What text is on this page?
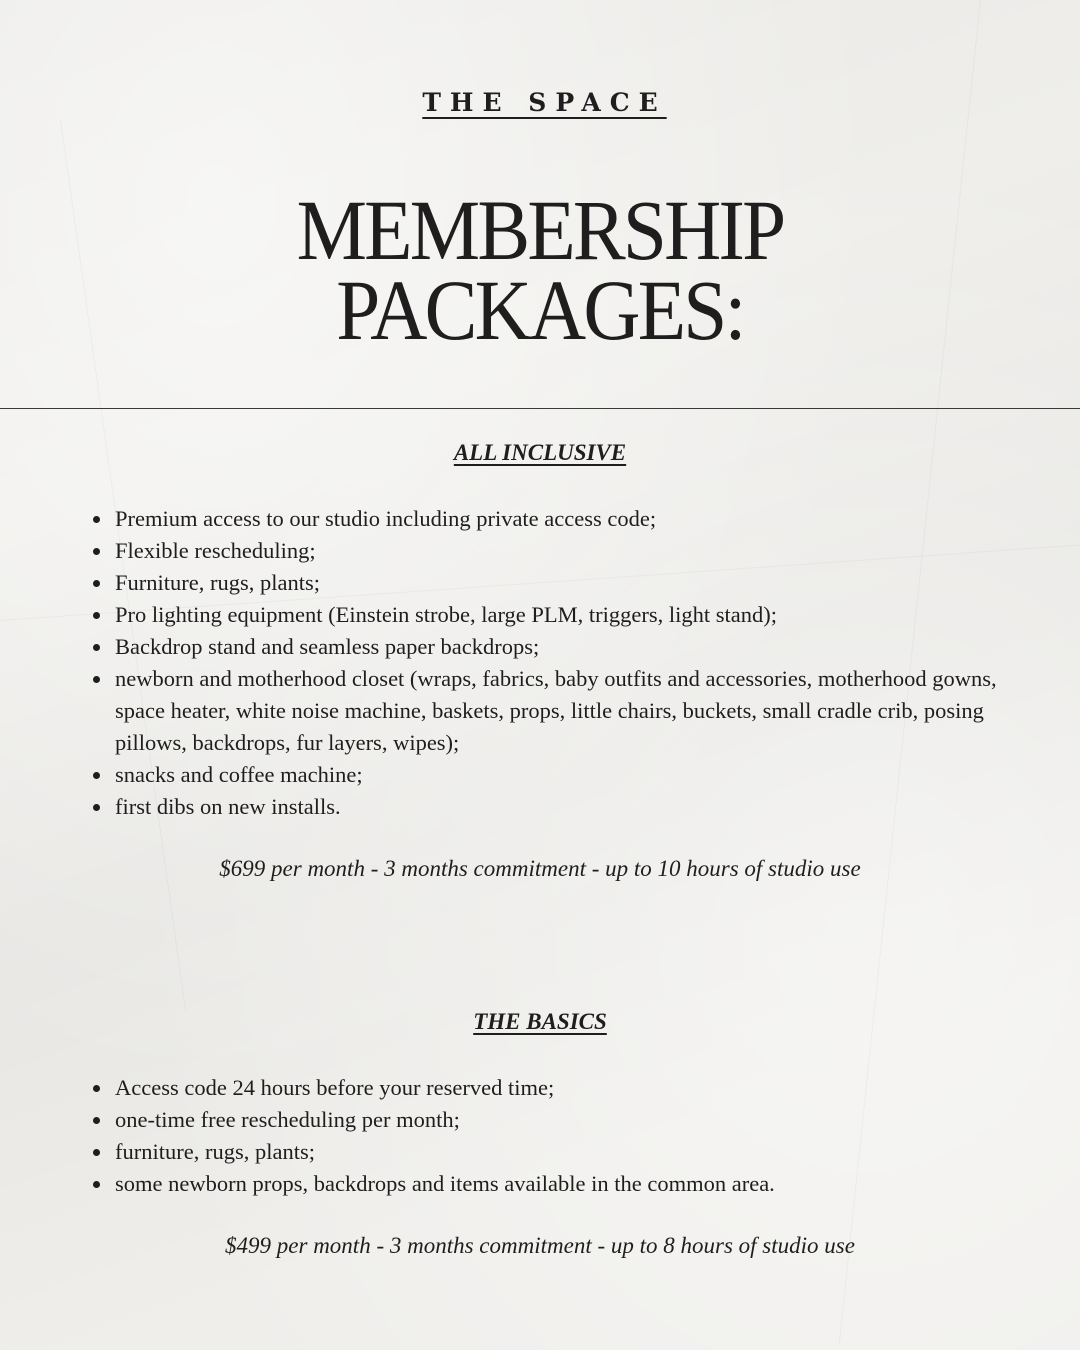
THE SPACE
MEMBERSHIP
PACKAGES:
ALL INCLUSIVE
Premium access to our studio including private access code;
Flexible rescheduling;
Furniture, rugs, plants;
Pro lighting equipment (Einstein strobe, large PLM, triggers, light stand);
Backdrop stand and seamless paper backdrops;
newborn and motherhood closet (wraps, fabrics, baby outfits and accessories, motherhood gowns, space heater, white noise machine, baskets, props, little chairs, buckets, small cradle crib, posing pillows, backdrops, fur layers, wipes);
snacks and coffee machine;
first dibs on new installs.
$699 per month - 3 months commitment - up to 10 hours of studio use
THE BASICS
Access code 24 hours before your reserved time;
one-time free rescheduling per month;
furniture, rugs, plants;
some newborn props, backdrops and items available in the common area.
$499 per month - 3 months commitment - up to 8 hours of studio use
